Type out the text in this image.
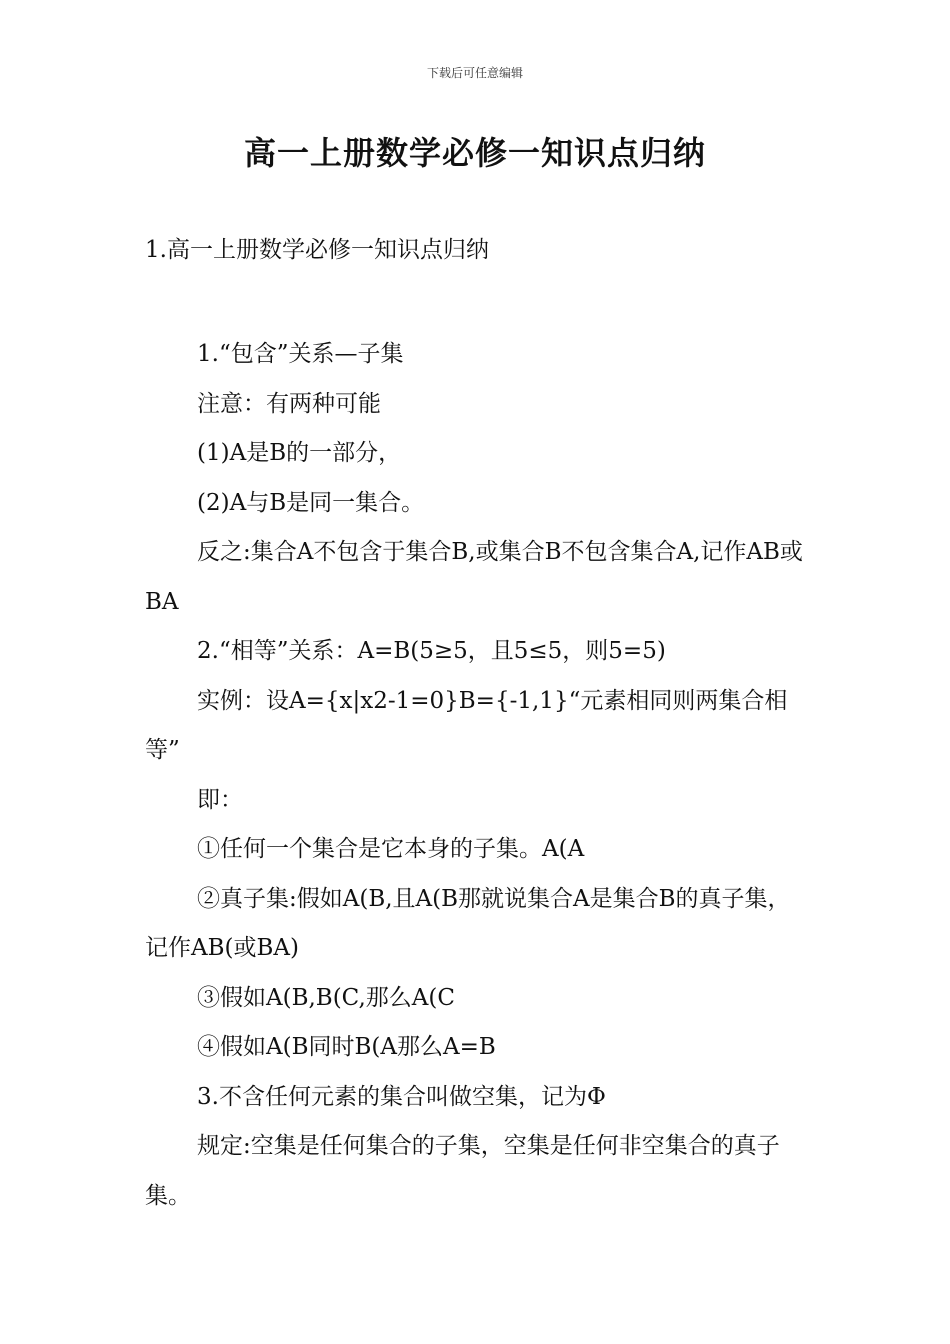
下载后可任意编辑
高一上册数学必修一知识点归纳
1.高一上册数学必修一知识点归纳

1.“包含”关系—子集

注意：有两种可能

(1)A是B的一部分，

(2)A与B是同一集合。

反之:集合A不包含于集合B,或集合B不包含集合A,记作AB或BA

2.“相等”关系：A=B(5≥5，且5≤5，则5=5)

实例：设A={x|x2-1=0}B={-1,1}“元素相同则两集合相等”

即：

①任何一个集合是它本身的子集。A(A

②真子集:假如A(B,且A(B那就说集合A是集合B的真子集，记作AB(或BA)

③假如A(B,B(C,那么A(C

④假如A(B同时B(A那么A=B

3.不含任何元素的集合叫做空集，记为Φ

规定:空集是任何集合的子集，空集是任何非空集合的真子集。
